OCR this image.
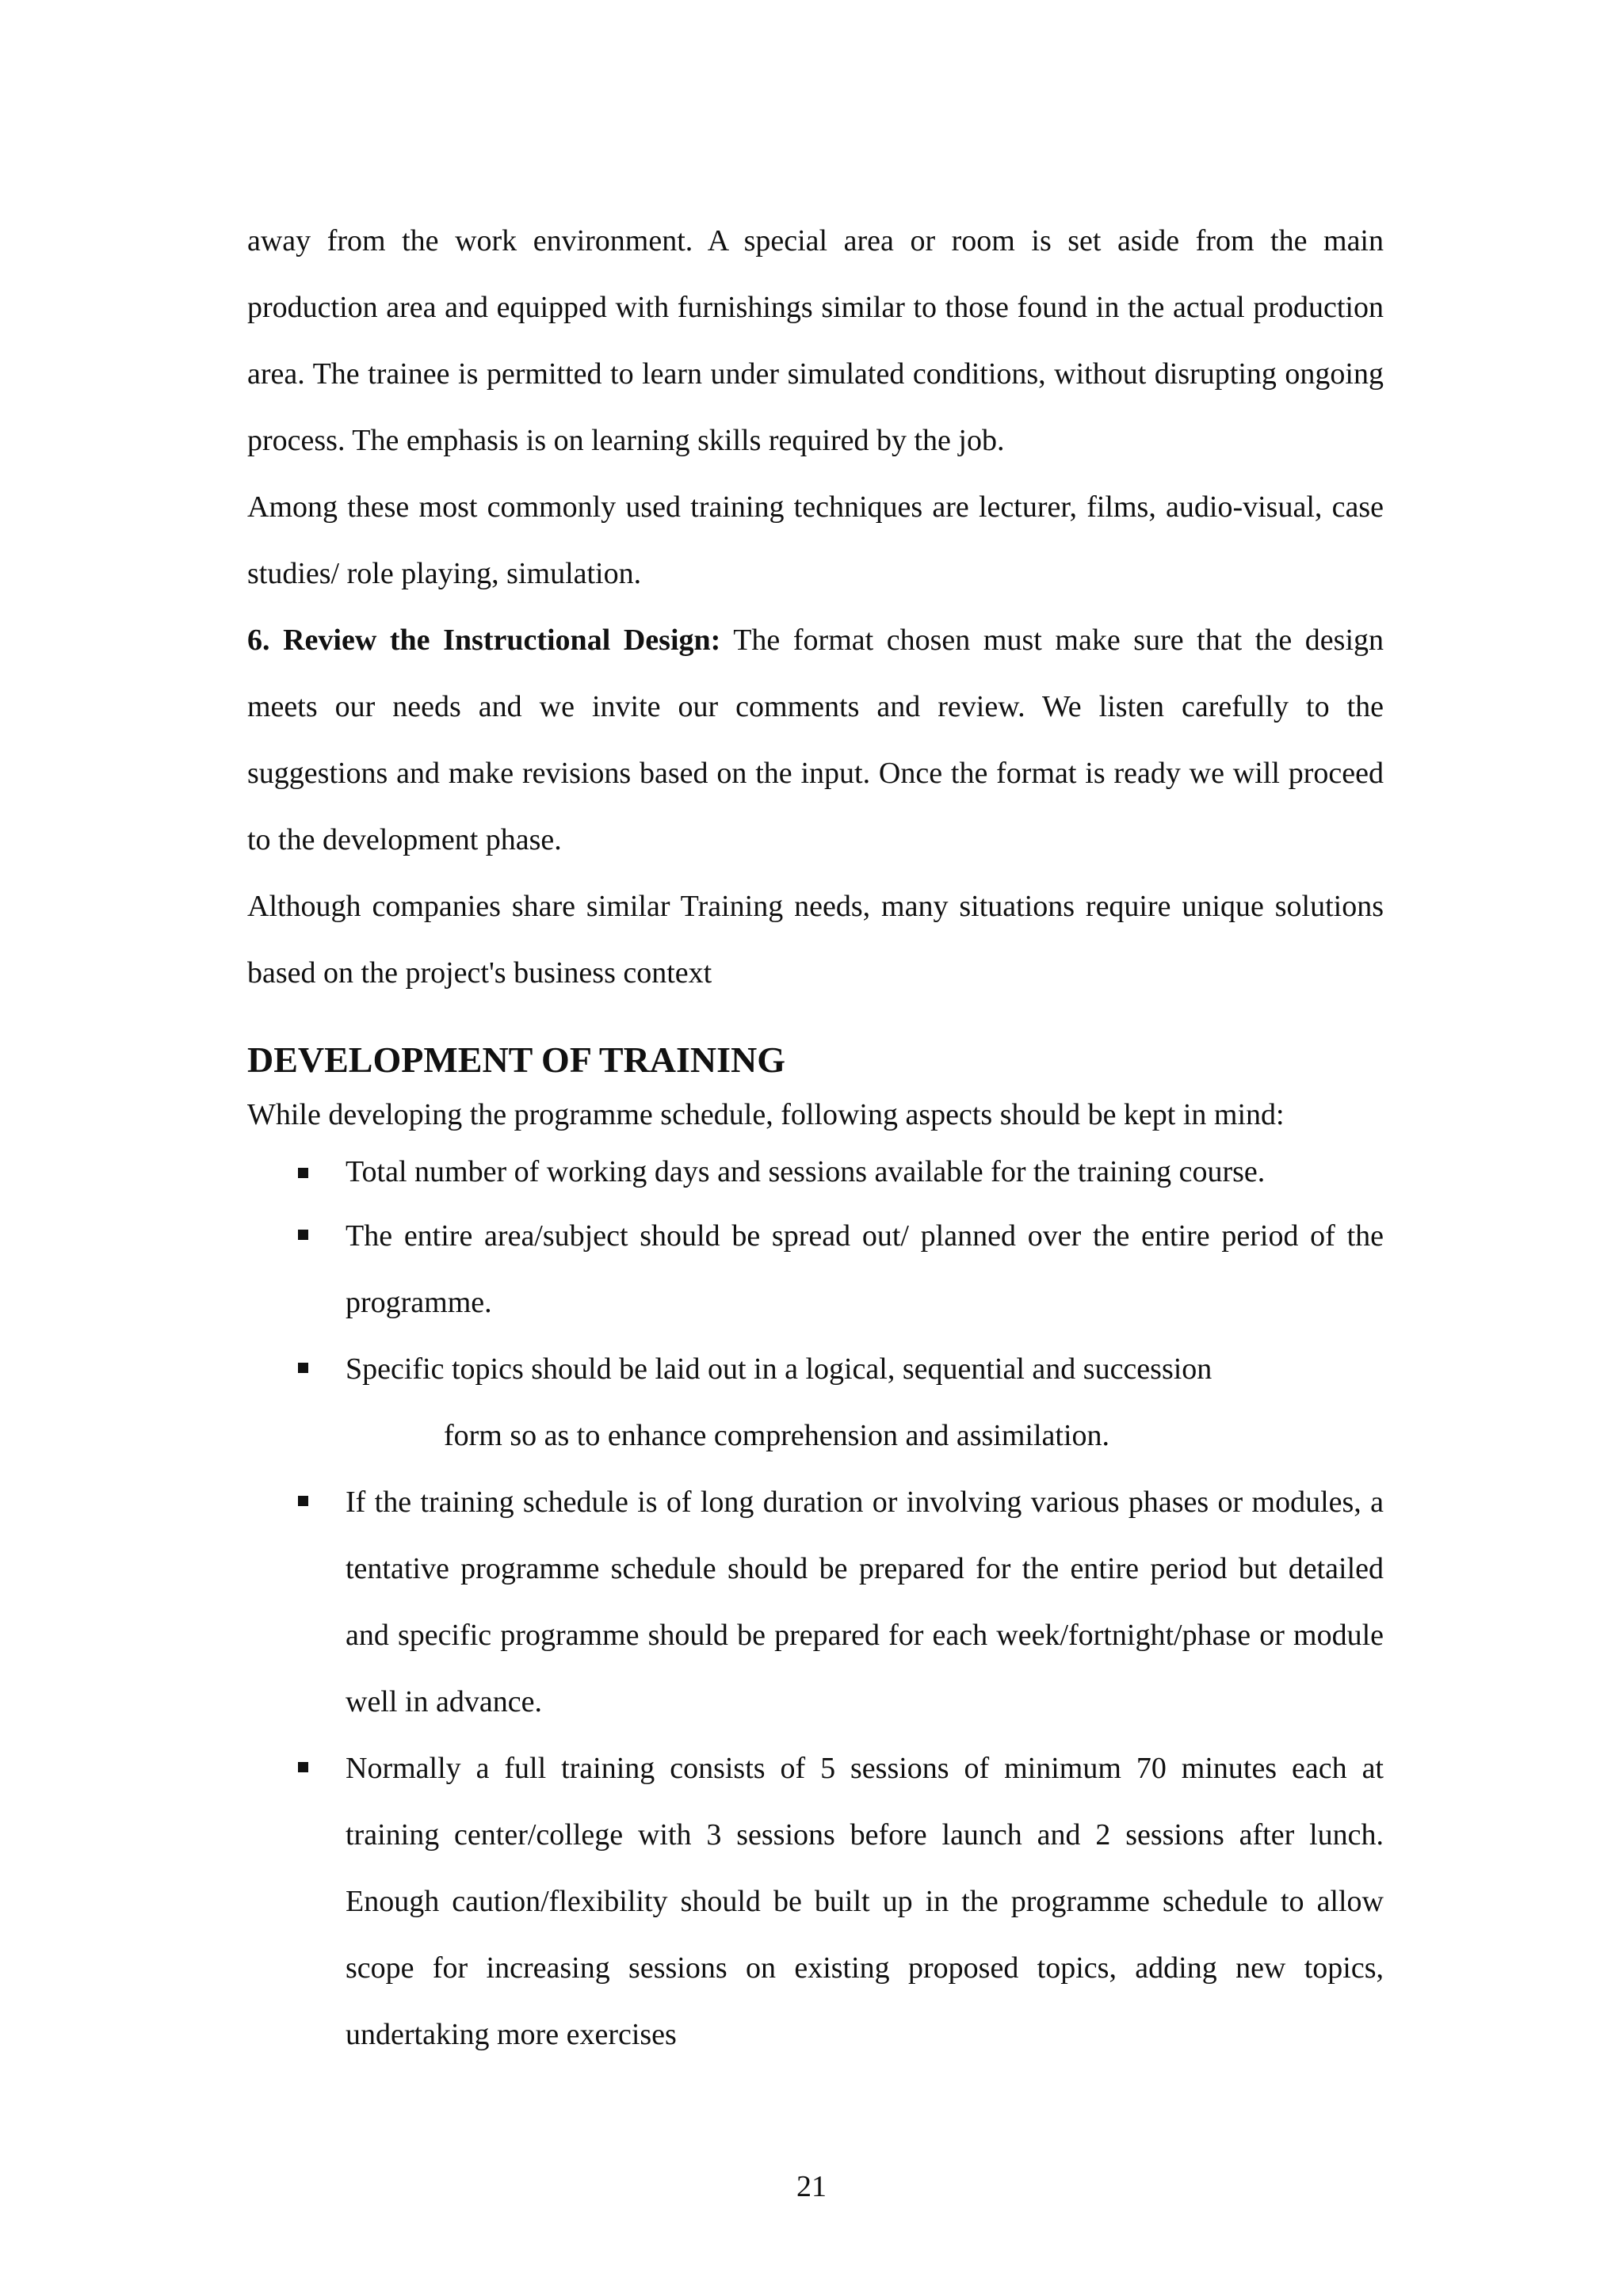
away from the work environment. A special area or room is set aside from the main production area and equipped with furnishings similar to those found in the actual production area. The trainee is permitted to learn under simulated conditions, without disrupting ongoing process. The emphasis is on learning skills required by the job.

Among these most commonly used training techniques are lecturer, films, audio-visual, case studies/ role playing, simulation.

6. Review the Instructional Design: The format chosen must make sure that the design meets our needs and we invite our comments and review. We listen carefully to the suggestions and make revisions based on the input. Once the format is ready we will proceed to the development phase.

Although companies share similar Training needs, many situations require unique solutions based on the project's business context

DEVELOPMENT OF TRAINING

While developing the programme schedule, following aspects should be kept in mind:

Total number of working days and sessions available for the training course.
The entire area/subject should be spread out/ planned over the entire period of the programme.
Specific topics should be laid out in a logical, sequential and succession
form so as to enhance comprehension and assimilation.
If the training schedule is of long duration or involving various phases or modules, a tentative programme schedule should be prepared for the entire period but detailed and specific programme should be prepared for each week/fortnight/phase or module well in advance.
Normally a full training consists of 5 sessions of minimum 70 minutes each at training center/college with 3 sessions before launch and 2 sessions after lunch. Enough caution/flexibility should be built up in the programme schedule to allow scope for increasing sessions on existing proposed topics, adding new topics, undertaking more exercises
21
